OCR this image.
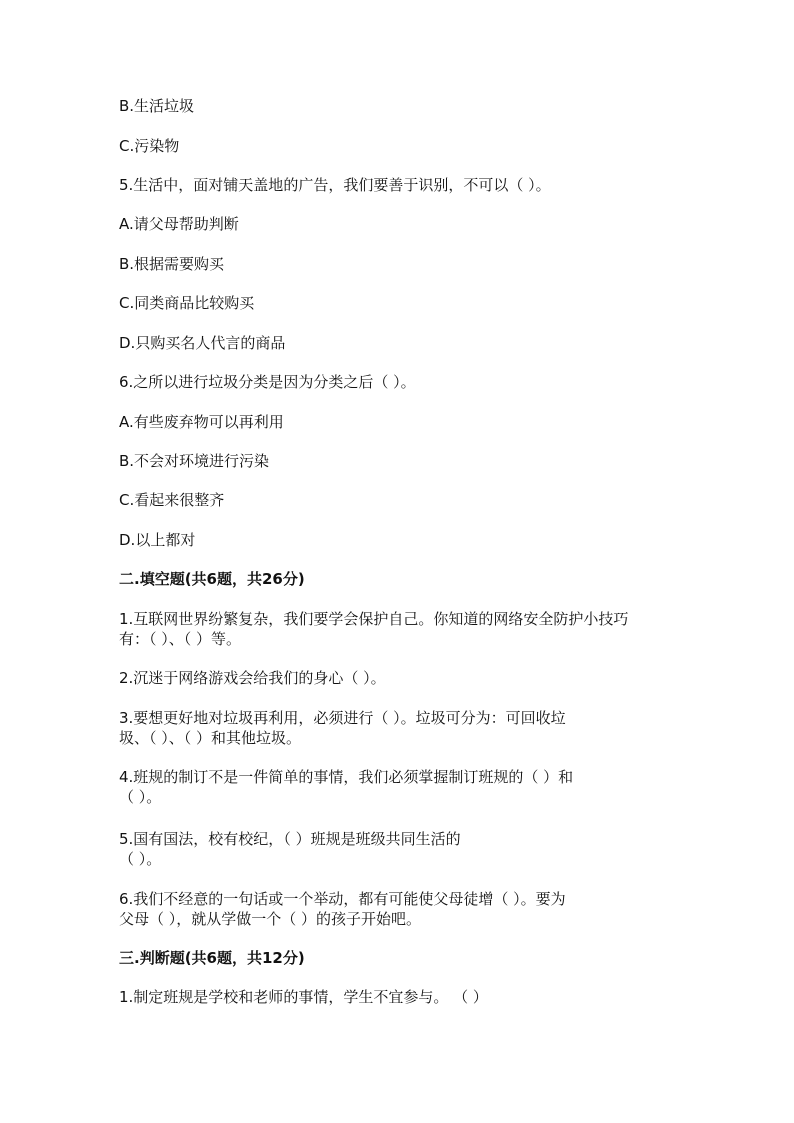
B.生活垃圾
C.污染物
5.生活中，面对铺天盖地的广告，我们要善于识别，不可以（ ）。
A.请父母帮助判断
B.根据需要购买
C.同类商品比较购买
D.只购买名人代言的商品
6.之所以进行垃圾分类是因为分类之后（ ）。
A.有些废弃物可以再利用
B.不会对环境进行污染
C.看起来很整齐
D.以上都对
二.填空题(共6题，共26分)
1.互联网世界纷繁复杂，我们要学会保护自己。你知道的网络安全防护小技巧
有：（ ）、（ ）等。
2.沉迷于网络游戏会给我们的身心（ ）。
3.要想更好地对垃圾再利用，必须进行（ ）。垃圾可分为：可回收垃
圾、（ ）、（ ）和其他垃圾。
4.班规的制订不是一件简单的事情，我们必须掌握制订班规的（ ）和
（ ）。
5.国有国法，校有校纪，（ ）班规是班级共同生活的
（ ）。
6.我们不经意的一句话或一个举动，都有可能使父母徒增（ ）。要为
父母（ ），就从学做一个（ ）的孩子开始吧。
三.判断题(共6题，共12分)
1.制定班规是学校和老师的事情，学生不宜参与。 （ ）
